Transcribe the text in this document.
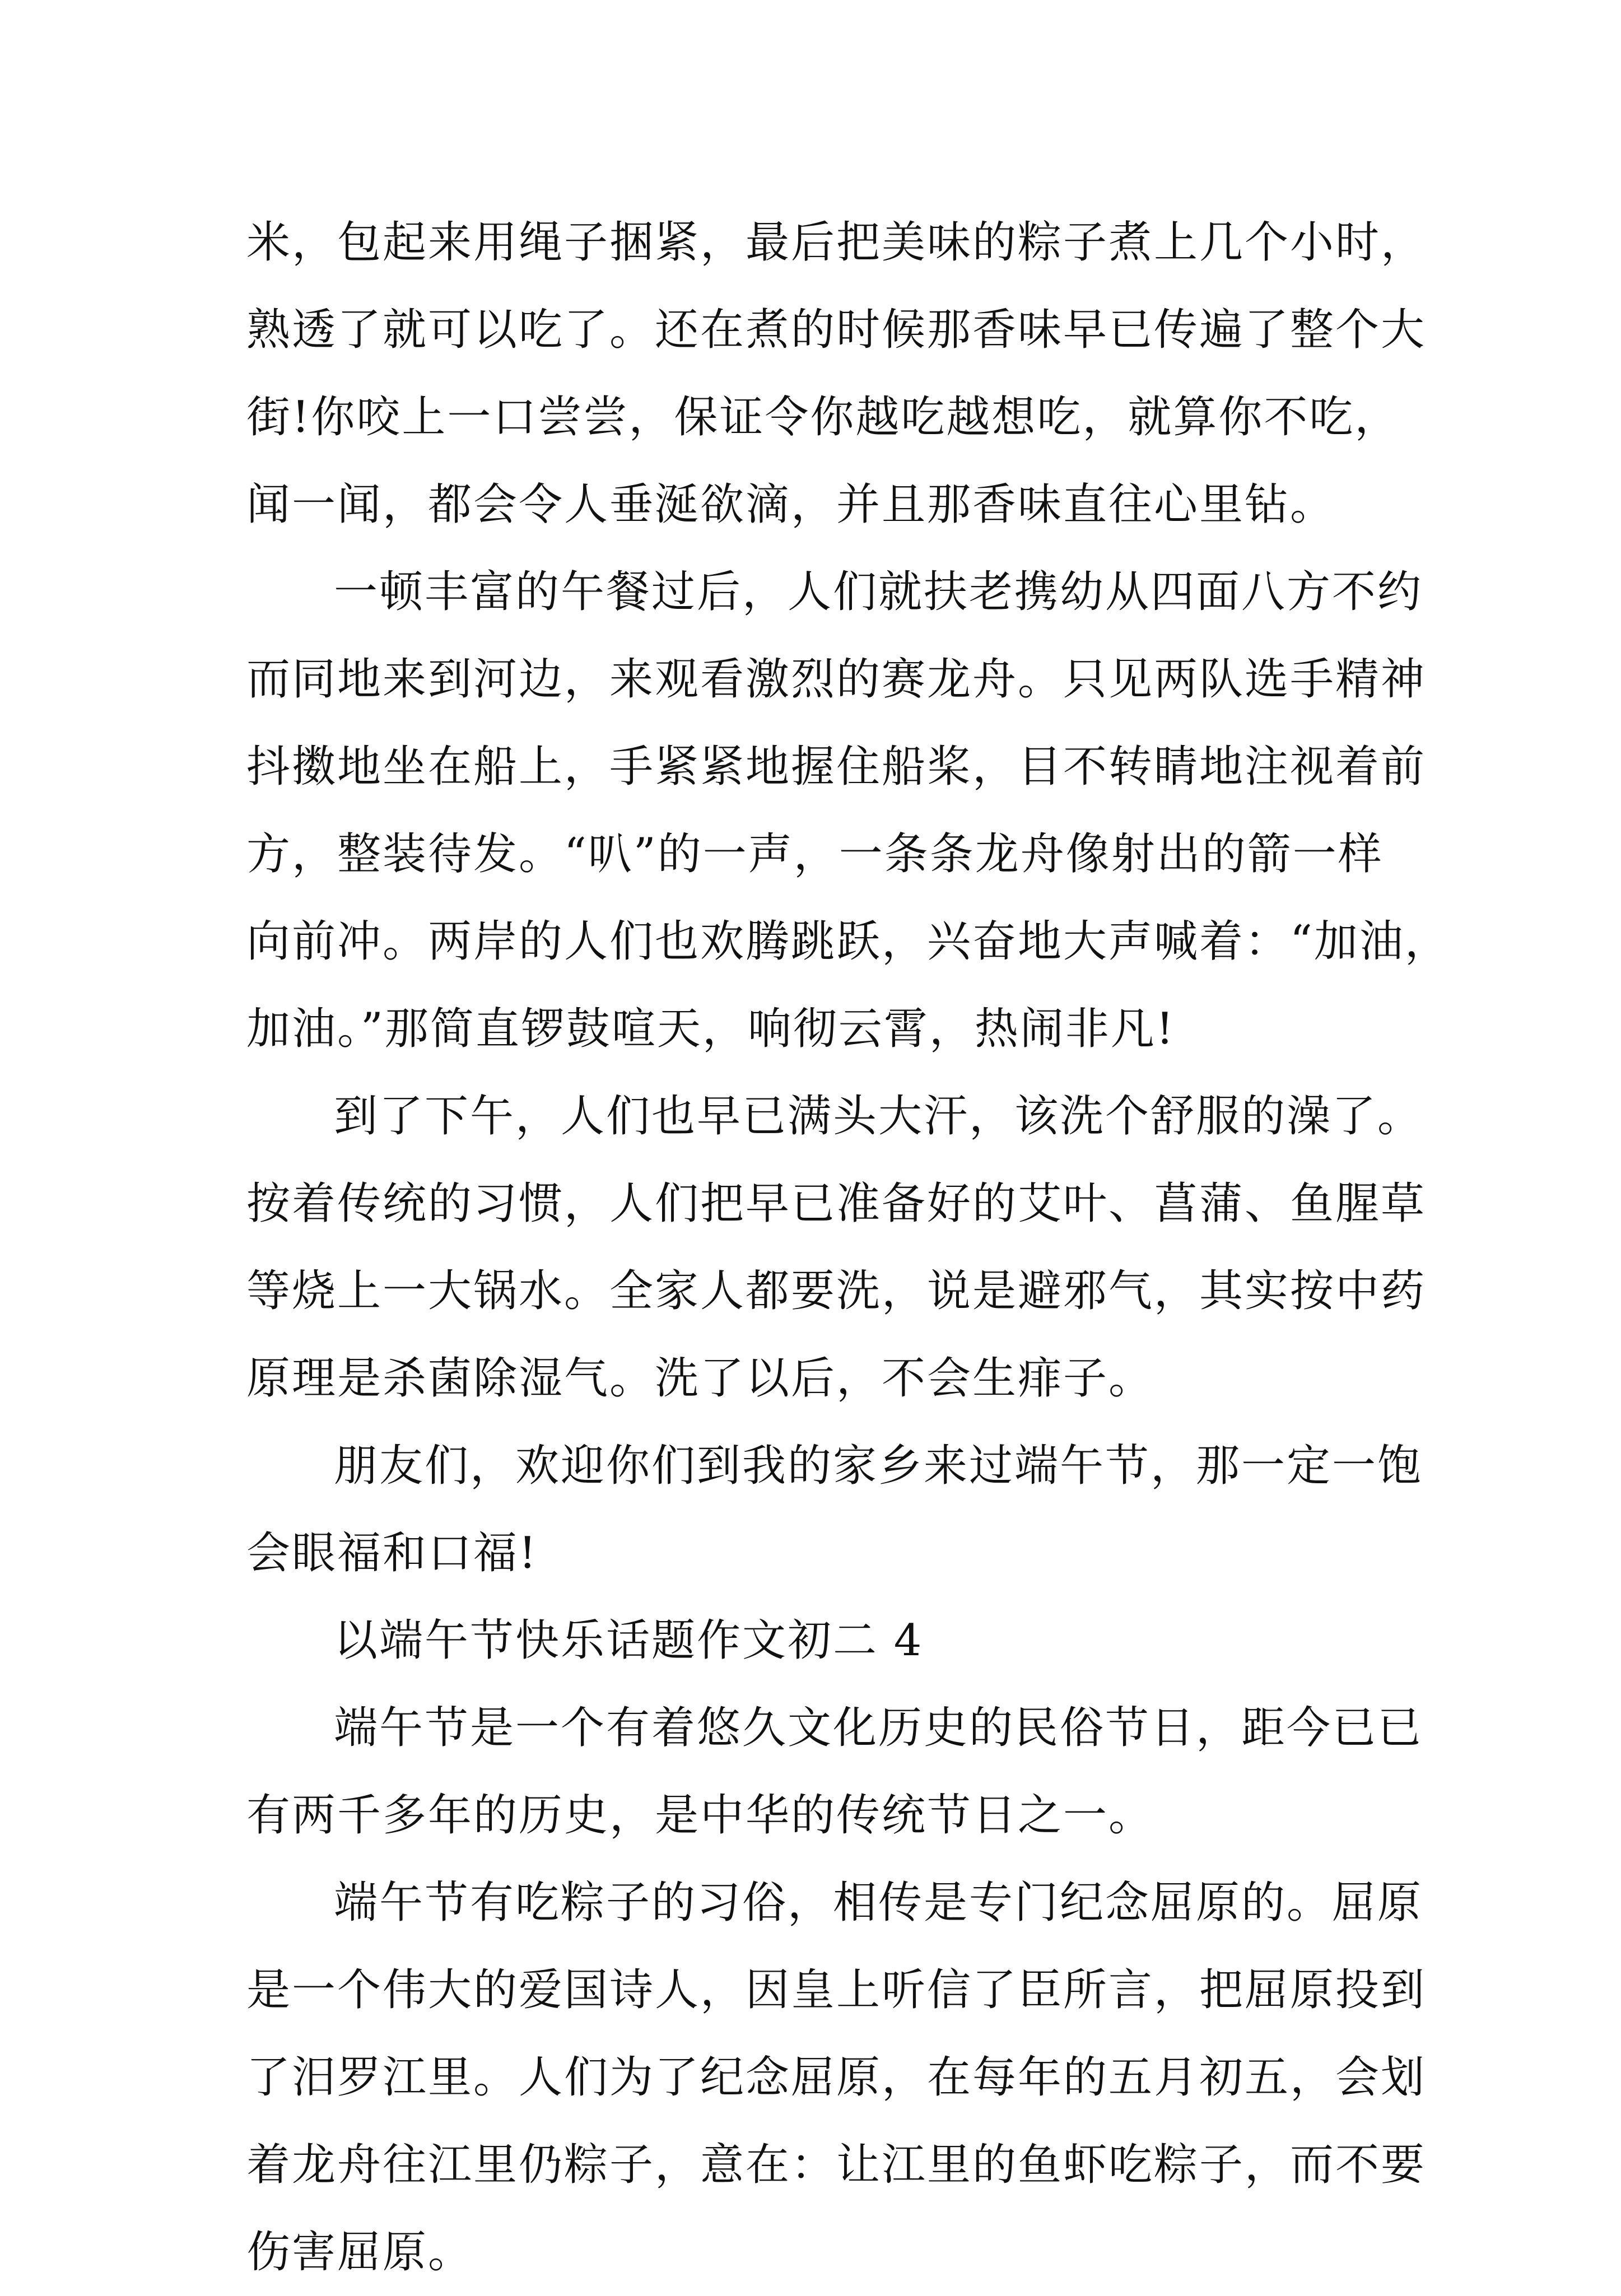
米，包起来用绳子捆紧，最后把美味的粽子煮上几个小时，
熟透了就可以吃了。还在煮的时候那香味早已传遍了整个大
街!你咬上一口尝尝，保证令你越吃越想吃，就算你不吃，
闻一闻，都会令人垂涎欲滴，并且那香味直往心里钻。
一顿丰富的午餐过后，人们就扶老携幼从四面八方不约
而同地来到河边，来观看激烈的赛龙舟。只见两队选手精神
抖擞地坐在船上，手紧紧地握住船桨，目不转睛地注视着前
方，整装待发。“叭”的一声，一条条龙舟像射出的箭一样
向前冲。两岸的人们也欢腾跳跃，兴奋地大声喊着：“加油，
加油。”那简直锣鼓喧天，响彻云霄，热闹非凡!
到了下午，人们也早已满头大汗，该洗个舒服的澡了。
按着传统的习惯，人们把早已准备好的艾叶、菖蒲、鱼腥草
等烧上一大锅水。全家人都要洗，说是避邪气，其实按中药
原理是杀菌除湿气。洗了以后，不会生痱子。
朋友们，欢迎你们到我的家乡来过端午节，那一定一饱
会眼福和口福!
以端午节快乐话题作文初二 4
端午节是一个有着悠久文化历史的民俗节日，距今已已
有两千多年的历史，是中华的传统节日之一。
端午节有吃粽子的习俗，相传是专门纪念屈原的。屈原
是一个伟大的爱国诗人，因皇上听信了臣所言，把屈原投到
了汨罗江里。人们为了纪念屈原，在每年的五月初五，会划
着龙舟往江里仍粽子，意在：让江里的鱼虾吃粽子，而不要
伤害屈原。
